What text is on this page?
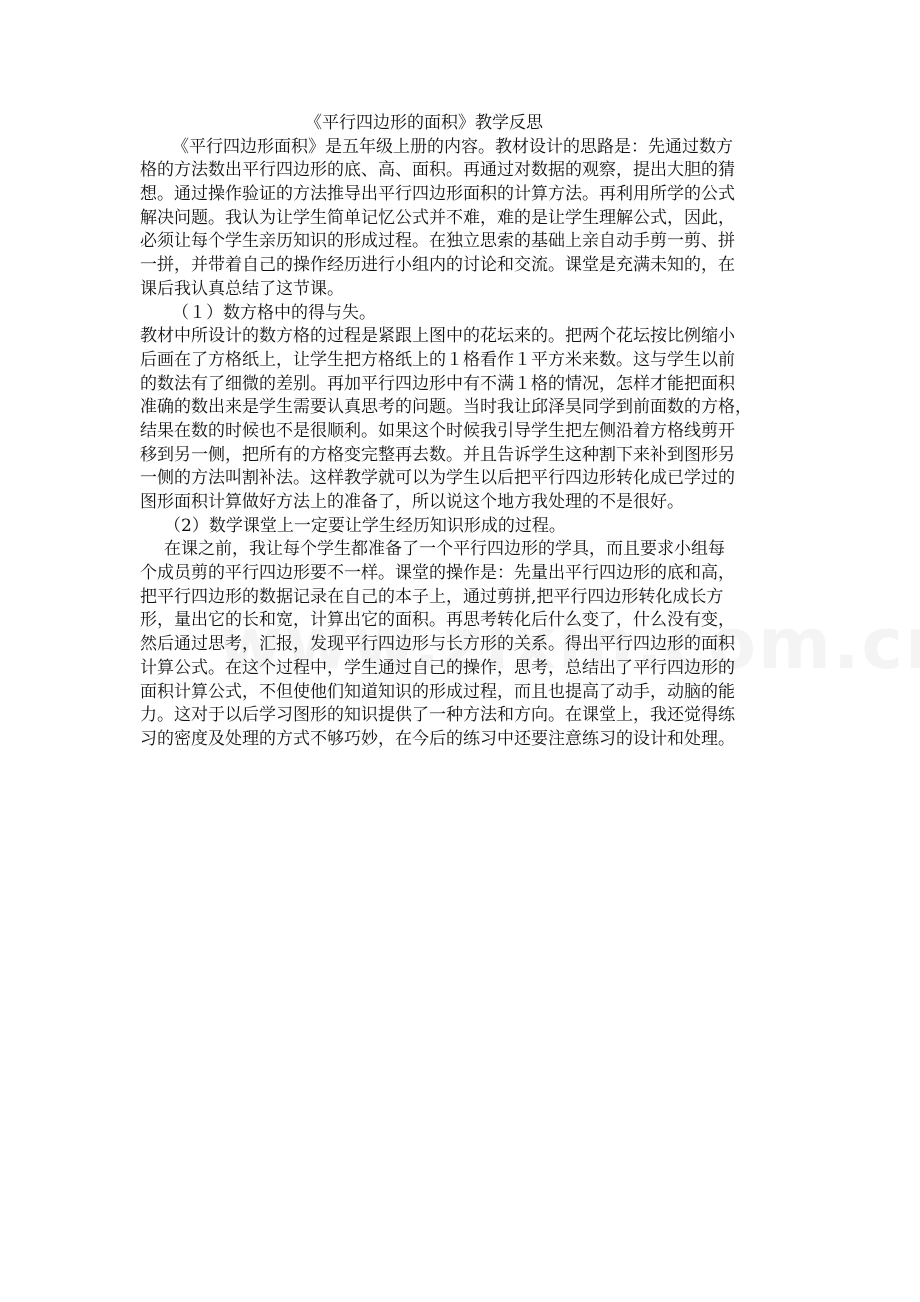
《平行四边形的面积》教学反思
《平行四边形面积》是五年级上册的内容。教材设计的思路是：先通过数方
格的方法数出平行四边形的底、高、面积。再通过对数据的观察，提出大胆的猜
想。通过操作验证的方法推导出平行四边形面积的计算方法。再利用所学的公式
解决问题。我认为让学生简单记忆公式并不难，难的是让学生理解公式，因此，
必须让每个学生亲历知识的形成过程。在独立思索的基础上亲自动手剪一剪、拼
一拼，并带着自己的操作经历进行小组内的讨论和交流。课堂是充满未知的，在
课后我认真总结了这节课。
（１）数方格中的得与失。
教材中所设计的数方格的过程是紧跟上图中的花坛来的。把两个花坛按比例缩小
后画在了方格纸上，让学生把方格纸上的１格看作１平方米来数。这与学生以前
的数法有了细微的差别。再加平行四边形中有不满１格的情况，怎样才能把面积
准确的数出来是学生需要认真思考的问题。当时我让邱泽昊同学到前面数的方格，
结果在数的时候也不是很顺利。如果这个时候我引导学生把左侧沿着方格线剪开
移到另一侧，把所有的方格变完整再去数。并且告诉学生这种割下来补到图形另
一侧的方法叫割补法。这样教学就可以为学生以后把平行四边形转化成已学过的
图形面积计算做好方法上的准备了，所以说这个地方我处理的不是很好。
（2）数学课堂上一定要让学生经历知识形成的过程。
在课之前，我让每个学生都准备了一个平行四边形的学具，而且要求小组每
个成员剪的平行四边形要不一样。课堂的操作是：先量出平行四边形的底和高，
把平行四边形的数据记录在自己的本子上，通过剪拼,把平行四边形转化成长方
形，量出它的长和宽，计算出它的面积。再思考转化后什么变了，什么没有变，
然后通过思考，汇报，发现平行四边形与长方形的关系。得出平行四边形的面积
计算公式。在这个过程中，学生通过自己的操作，思考，总结出了平行四边形的
面积计算公式，不但使他们知道知识的形成过程，而且也提高了动手，动脑的能
力。这对于以后学习图形的知识提供了一种方法和方向。在课堂上，我还觉得练
习的密度及处理的方式不够巧妙，在今后的练习中还要注意练习的设计和处理。
